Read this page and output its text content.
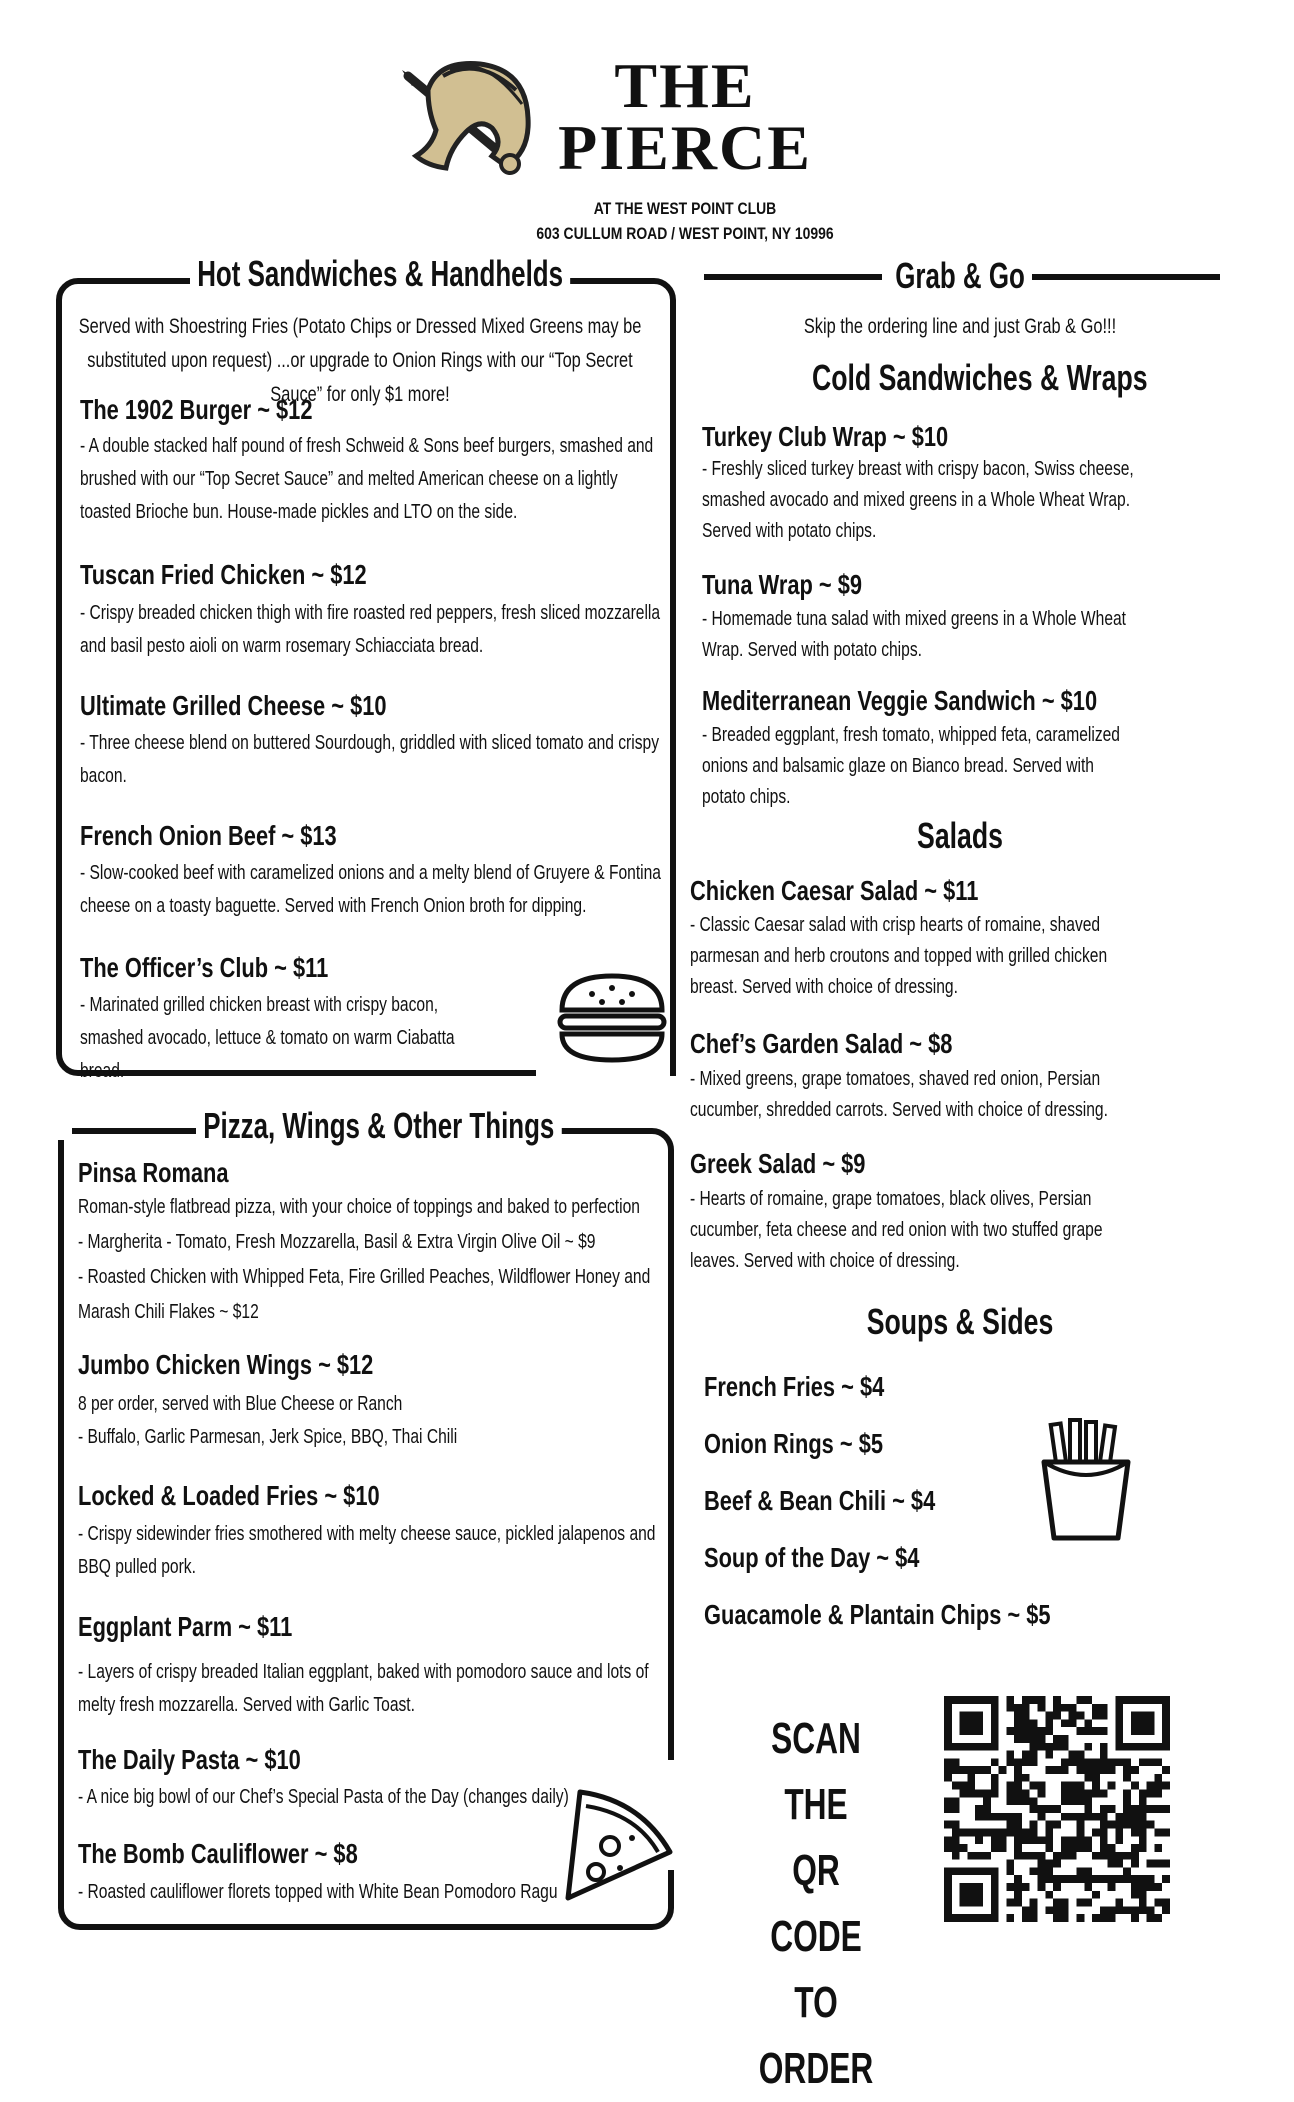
THE
PIERCE
AT THE WEST POINT CLUB
603 CULLUM ROAD / WEST POINT, NY 10996
Hot Sandwiches & Handhelds
Served with Shoestring Fries (Potato Chips or Dressed Mixed Greens may be substituted upon request) ...or upgrade to Onion Rings with our “Top Secret Sauce” for only $1 more!
The 1902 Burger ~ $12
- A double stacked half pound of fresh Schweid & Sons beef burgers, smashed and brushed with our “Top Secret Sauce” and melted American cheese on a lightly toasted Brioche bun. House-made pickles and LTO on the side.
Tuscan Fried Chicken ~ $12
- Crispy breaded chicken thigh with fire roasted red peppers, fresh sliced mozzarella and basil pesto aioli on warm rosemary Schiacciata bread.
Ultimate Grilled Cheese ~ $10
- Three cheese blend on buttered Sourdough, griddled with sliced tomato and crispy bacon.
French Onion Beef ~ $13
- Slow-cooked beef with caramelized onions and a melty blend of Gruyere & Fontina cheese on a toasty baguette. Served with French Onion broth for dipping.
The Officer’s Club ~ $11
- Marinated grilled chicken breast with crispy bacon, smashed avocado, lettuce & tomato on warm Ciabatta bread.
Pizza, Wings & Other Things
Pinsa Romana
Roman-style flatbread pizza, with your choice of toppings and baked to perfection
- Margherita - Tomato, Fresh Mozzarella, Basil & Extra Virgin Olive Oil ~ $9
- Roasted Chicken with Whipped Feta, Fire Grilled Peaches, Wildflower Honey and Marash Chili Flakes ~ $12
Jumbo Chicken Wings ~ $12
8 per order, served with Blue Cheese or Ranch
- Buffalo, Garlic Parmesan, Jerk Spice, BBQ, Thai Chili
Locked & Loaded Fries ~ $10
- Crispy sidewinder fries smothered with melty cheese sauce, pickled jalapenos and BBQ pulled pork.
Eggplant Parm ~ $11
- Layers of crispy breaded Italian eggplant, baked with pomodoro sauce and lots of melty fresh mozzarella. Served with Garlic Toast.
The Daily Pasta ~ $10
- A nice big bowl of our Chef’s Special Pasta of the Day (changes daily)
The Bomb Cauliflower ~ $8
- Roasted cauliflower florets topped with White Bean Pomodoro Ragu
Grab & Go
Skip the ordering line and just Grab & Go!!!
Cold Sandwiches & Wraps
Turkey Club Wrap ~ $10
- Freshly sliced turkey breast with crispy bacon, Swiss cheese, smashed avocado and mixed greens in a Whole Wheat Wrap. Served with potato chips.
Tuna Wrap ~ $9
- Homemade tuna salad with mixed greens in a Whole Wheat Wrap. Served with potato chips.
Mediterranean Veggie Sandwich ~ $10
- Breaded eggplant, fresh tomato, whipped feta, caramelized onions and balsamic glaze on Bianco bread. Served with potato chips.
Salads
Chicken Caesar Salad ~ $11
- Classic Caesar salad with crisp hearts of romaine, shaved parmesan and herb croutons and topped with grilled chicken breast. Served with choice of dressing.
Chef’s Garden Salad ~ $8
- Mixed greens, grape tomatoes, shaved red onion, Persian cucumber, shredded carrots. Served with choice of dressing.
Greek Salad ~ $9
- Hearts of romaine, grape tomatoes, black olives, Persian cucumber, feta cheese and red onion with two stuffed grape leaves. Served with choice of dressing.
Soups & Sides
French Fries ~ $4
Onion Rings ~ $5
Beef & Bean Chili ~ $4
Soup of the Day ~ $4
Guacamole & Plantain Chips ~ $5
SCAN THE
QR CODE
TO ORDER
